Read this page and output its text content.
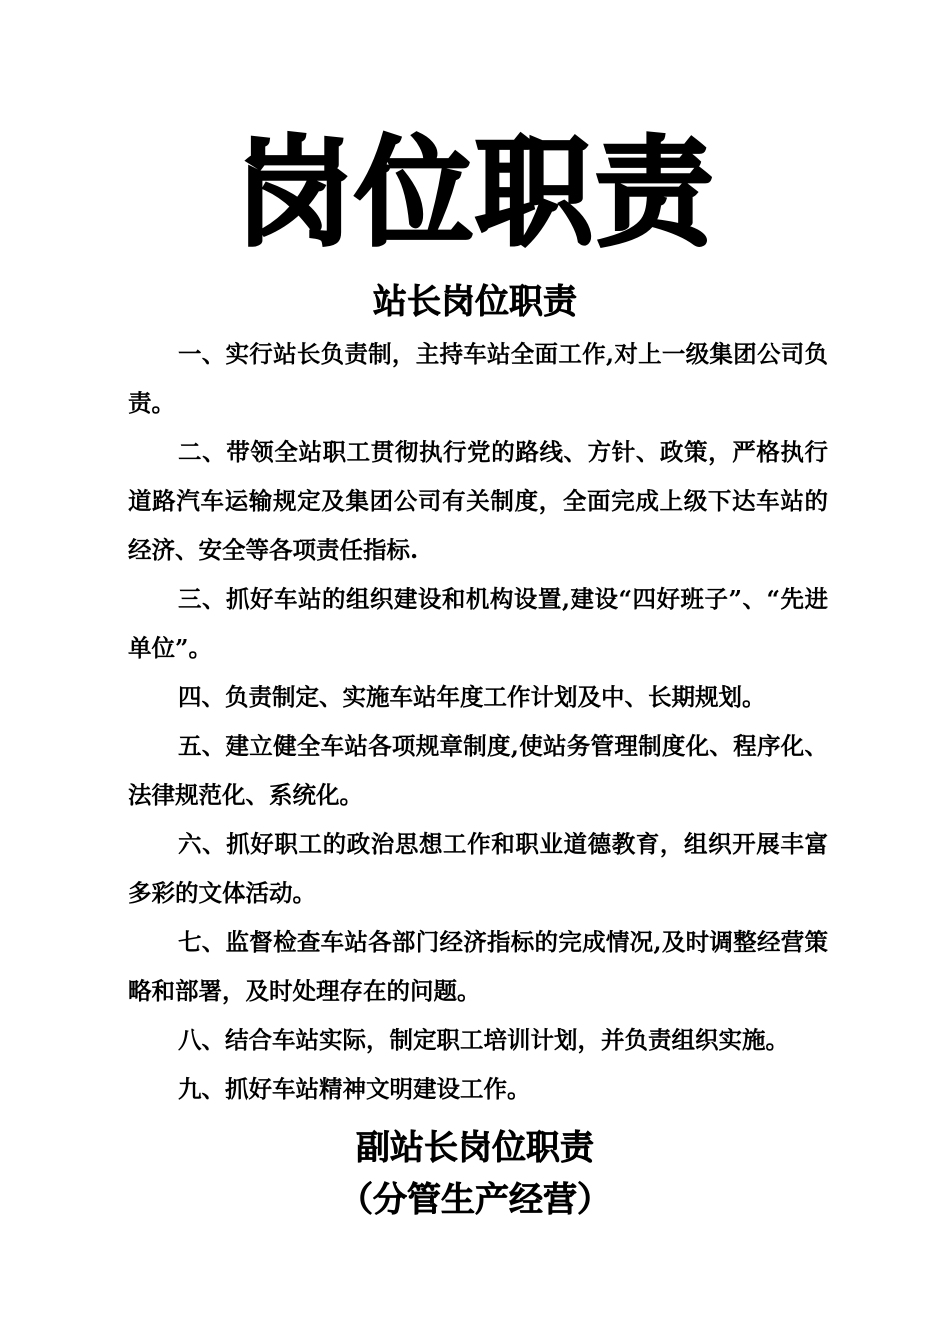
岗位职责
站长岗位职责

一、实行站长负责制，主持车站全面工作,对上一级集团公司负责。

二、带领全站职工贯彻执行党的路线、方针、政策，严格执行道路汽车运输规定及集团公司有关制度，全面完成上级下达车站的经济、安全等各项责任指标.

三、抓好车站的组织建设和机构设置,建设“四好班子”、“先进单位”。

四、负责制定、实施车站年度工作计划及中、长期规划。

五、建立健全车站各项规章制度,使站务管理制度化、程序化、法律规范化、系统化。

六、抓好职工的政治思想工作和职业道德教育，组织开展丰富多彩的文体活动。

七、监督检查车站各部门经济指标的完成情况,及时调整经营策略和部署，及时处理存在的问题。

八、结合车站实际，制定职工培训计划，并负责组织实施。

九、抓好车站精神文明建设工作。

副站长岗位职责
（分管生产经营）
